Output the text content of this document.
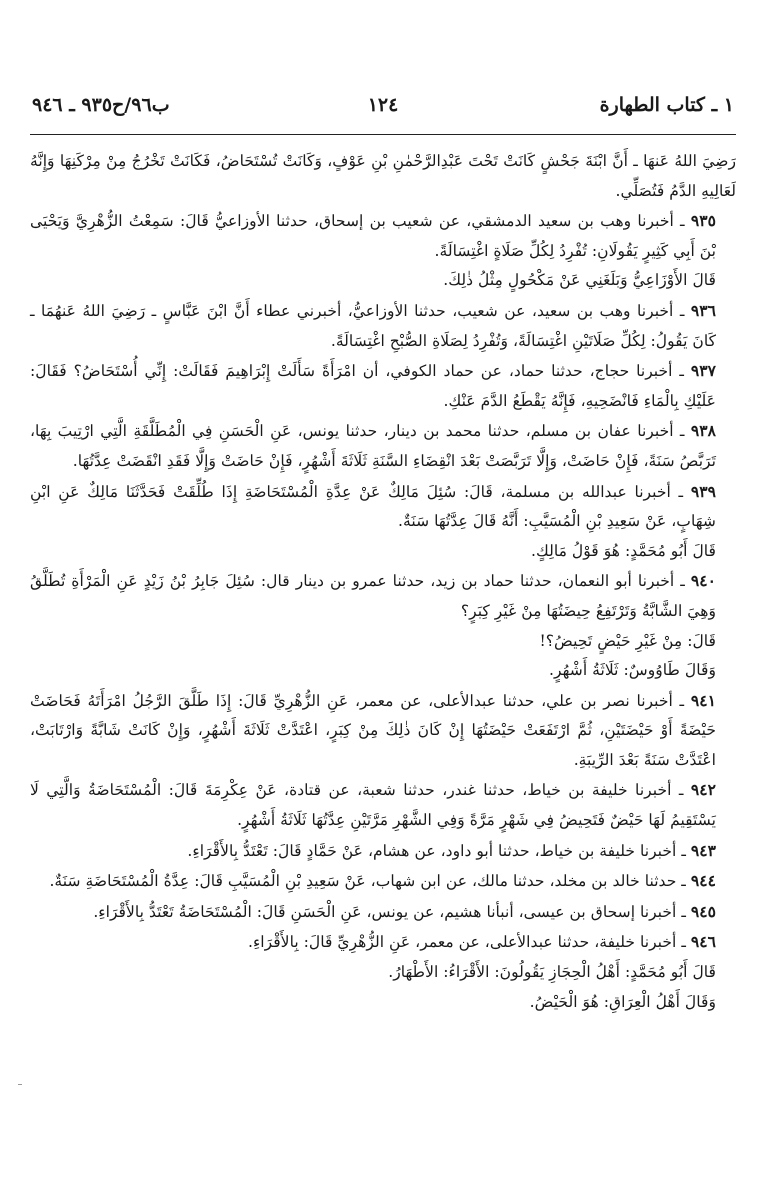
١ ـ كتاب الطهارة
١٢٤
ب٩٦/ح٩٣٥ ـ ٩٤٦

رَضِيَ اللهُ عَنهَا ـ أَنَّ ابْنَةَ جَحْشٍ كَانَتْ تَحْتَ عَبْدِالرَّحْمٰنِ بْنِ عَوْفٍ، وَكَانَتْ تُسْتَحَاضُ، فَكَانَتْ تَخْرُجُ مِنْ مِرْكَنِهَا وَإِنَّهُ لَعَالِيهِ الدَّمُ فَتُصَلِّي.

٩٣٥ ـ أخبرنا وهب بن سعيد الدمشقي، عن شعيب بن إسحاق، حدثنا الأوزاعيُّ قَالَ: سَمِعْتُ الزُّهْرِيَّ وَيَحْيَى بْنَ أَبِي كَثِيرٍ يَقُولَانِ: تُفْرِدُ لِكُلِّ صَلَاةٍ اغْتِسَالَةً.

قَالَ الأَوْزَاعِيُّ وَبَلَغَنِي عَنْ مَكْحُولٍ مِثْلُ ذٰلِكَ.

٩٣٦ ـ أخبرنا وهب بن سعيد، عن شعيب، حدثنا الأوزاعيُّ، أخبرني عطاء أَنَّ ابْنَ عَبَّاسٍ ـ رَضِيَ اللهُ عَنهُمَا ـ كَانَ يَقُولُ: لِكُلِّ صَلَاتَيْنِ اغْتِسَالَةً، وَتُفْرِدُ لِصَلَاةِ الصُّبْحِ اغْتِسَالَةً.

٩٣٧ ـ أخبرنا حجاج، حدثنا حماد، عن حماد الكوفي، أن امْرَأَةً سَأَلَتْ إِبْرَاهِيمَ فَقَالَتْ: إِنِّي أُسْتَحَاضُ؟ فَقَالَ: عَلَيْكِ بِالْمَاءِ فَانْضَحِيهِ، فَإِنَّهُ يَقْطَعُ الدَّمَ عَنْكِ.

٩٣٨ ـ أخبرنا عفان بن مسلم، حدثنا محمد بن دينار، حدثنا يونس، عَنِ الْحَسَنِ فِي الْمُطَلَّقَةِ الَّتِي ارْتِيبَ بِهَا، تَرَبَّصُ سَنَةً، فَإِنْ حَاضَتْ، وَإِلَّا تَرَبَّصَتْ بَعْدَ انْقِضَاءِ السَّنَةِ ثَلَاثَةَ أَشْهُرٍ، فَإِنْ حَاضَتْ وَإِلَّا فَقَدِ انْقَضَتْ عِدَّتُهَا.

٩٣٩ ـ أخبرنا عبدالله بن مسلمة، قَالَ: سُئِلَ مَالِكٌ عَنْ عِدَّةِ الْمُسْتَحَاضَةِ إِذَا طُلِّقَتْ فَحَدَّثَنَا مَالِكٌ عَنِ ابْنِ شِهَابٍ، عَنْ سَعِيدِ بْنِ الْمُسَيَّبِ: أَنَّهُ قَالَ عِدَّتُهَا سَنَةٌ.

قَالَ أَبُو مُحَمَّدٍ: هُوَ قَوْلُ مَالِكٍ.

٩٤٠ ـ أخبرنا أبو النعمان، حدثنا حماد بن زيد، حدثنا عمرو بن دينار قال: سُئِلَ جَابِرُ بْنُ زَيْدٍ عَنِ الْمَرْأَةِ تُطَلَّقُ وَهِيَ الشَّابَّةُ وَتَرْتَفِعُ حِيضَتُهَا مِنْ غَيْرِ كِبَرٍ؟

قَالَ: مِنْ غَيْرِ حَيْضٍ تَحِيضُ؟!

وَقَالَ طَاوُوسٌ: ثَلَاثَةُ أَشْهُرٍ.

٩٤١ ـ أخبرنا نصر بن علي، حدثنا عبدالأعلى، عن معمر، عَنِ الزُّهْرِيِّ قَالَ: إِذَا طَلَّقَ الرَّجُلُ امْرَأَتَهُ فَحَاضَتْ حَيْضَةً أَوْ حَيْضَتَيْنِ، ثُمَّ ارْتَفَعَتْ حَيْضَتُهَا إِنْ كَانَ ذٰلِكَ مِنْ كِبَرٍ، اعْتَدَّتْ ثَلَاثَةَ أَشْهُرٍ، وَإِنْ كَانَتْ شَابَّةً وَارْتَابَتْ، اعْتَدَّتْ سَنَةً بَعْدَ الرِّيبَةِ.

٩٤٢ ـ أخبرنا خليفة بن خياط، حدثنا غندر، حدثنا شعبة، عن قتادة، عَنْ عِكْرِمَةَ قَالَ: الْمُسْتَحَاضَةُ وَالَّتِي لَا يَسْتَقِيمُ لَهَا حَيْضٌ فَتَحِيضُ فِي شَهْرٍ مَرَّةً وَفِي الشَّهْرِ مَرَّتَيْنِ عِدَّتُهَا ثَلَاثَةُ أَشْهُرٍ.

٩٤٣ ـ أخبرنا خليفة بن خياط، حدثنا أبو داود، عن هشام، عَنْ حَمَّادٍ قَالَ: تَعْتَدُّ بِالأَقْرَاءِ.

٩٤٤ ـ حدثنا خالد بن مخلد، حدثنا مالك، عن ابن شهاب، عَنْ سَعِيدِ بْنِ الْمُسَيَّبِ قَالَ: عِدَّةُ الْمُسْتَحَاضَةِ سَنَةٌ.

٩٤٥ ـ أخبرنا إسحاق بن عيسى، أنبأنا هشيم، عن يونس، عَنِ الْحَسَنِ قَالَ: الْمُسْتَحَاضَةُ تَعْتَدُّ بِالأَقْرَاءِ.

٩٤٦ ـ أخبرنا خليفة، حدثنا عبدالأعلى، عن معمر، عَنِ الزُّهْرِيِّ قَالَ: بِالأَقْرَاءِ.

قَالَ أَبُو مُحَمَّدٍ: أَهْلُ الْحِجَازِ يَقُولُونَ: الأَقْرَاءُ: الأَطْهَارُ.

وَقَالَ أَهْلُ الْعِرَاقِ: هُوَ الْحَيْضُ.
